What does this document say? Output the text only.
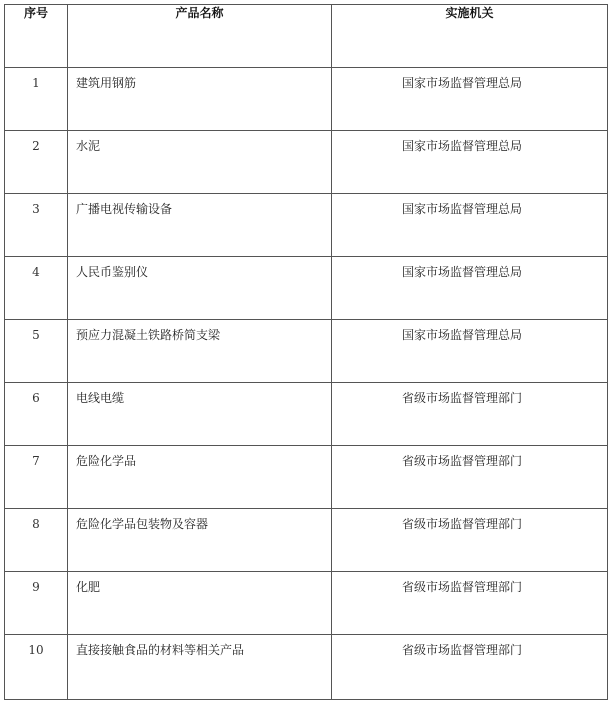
序号	产品名称	实施机关
1	建筑用钢筋	国家市场监督管理总局
2	水泥	国家市场监督管理总局
3	广播电视传输设备	国家市场监督管理总局
4	人民币鉴别仪	国家市场监督管理总局
5	预应力混凝土铁路桥简支梁	国家市场监督管理总局
6	电线电缆	省级市场监督管理部门
7	危险化学品	省级市场监督管理部门
8	危险化学品包装物及容器	省级市场监督管理部门
9	化肥	省级市场监督管理部门
10	直接接触食品的材料等相关产品	省级市场监督管理部门
